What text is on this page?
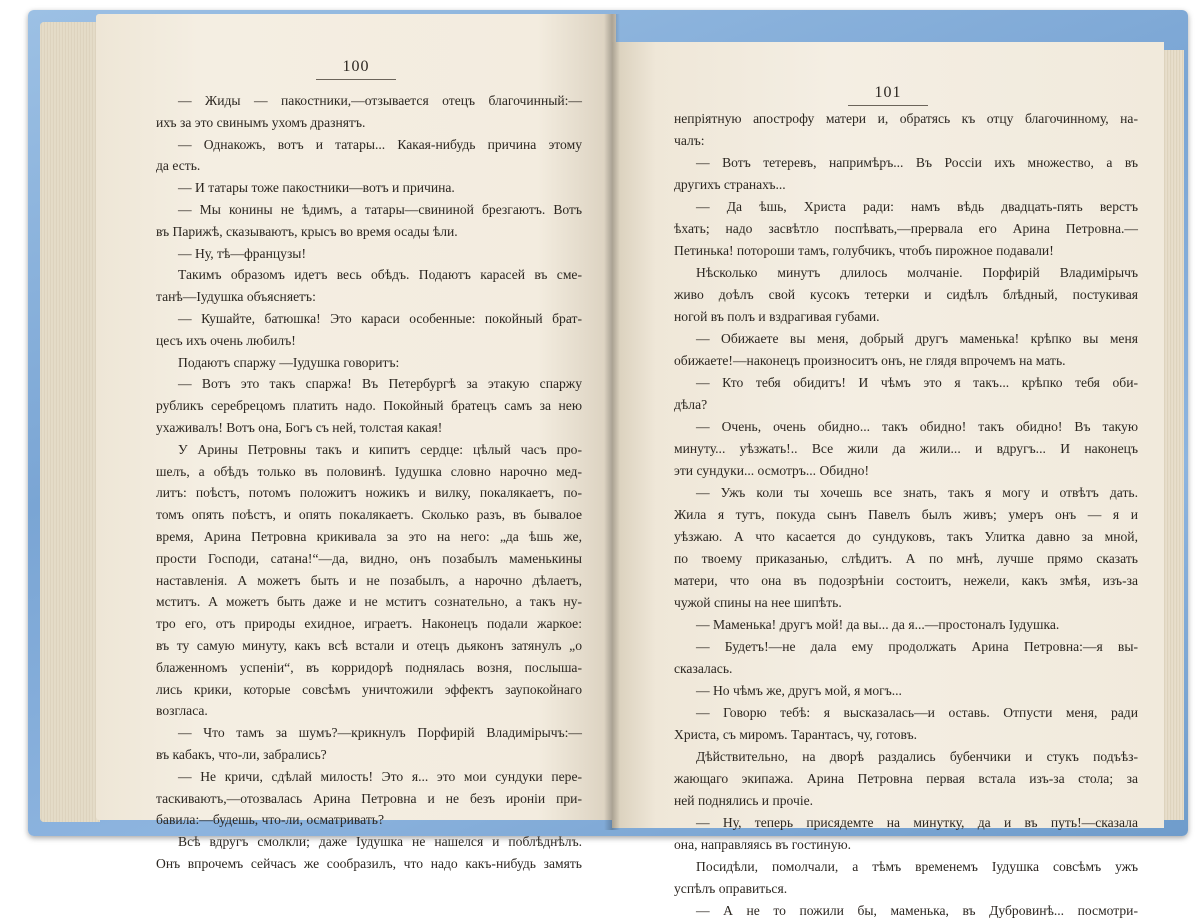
100

— Жиды — пакостники,—отзывается отецъ благочинный:—

ихъ за это свинымъ ухомъ дразнятъ.

— Однакожъ, вотъ и татары... Какая-нибудь причина этому

да есть.

— И татары тоже пакостники—вотъ и причина.

— Мы конины не ѣдимъ, а татары—свининой брезгаютъ. Вотъ

въ Парижѣ, сказываютъ, крысъ во время осады ѣли.

— Ну, тѣ—французы!

Такимъ образомъ идетъ весь обѣдъ. Подаютъ карасей въ сме-

танѣ—Іудушка объясняетъ:

— Кушайте, батюшка! Это караси особенные: покойный брат-

цесъ ихъ очень любилъ!

Подаютъ спаржу —Іудушка говоритъ:

— Вотъ это такъ спаржа! Въ Петербургѣ за этакую спаржу

рубликъ серебрецомъ платить надо. Покойный братецъ самъ за нею

ухаживалъ! Вотъ она, Богъ съ ней, толстая какая!

У Арины Петровны такъ и кипитъ сердце: цѣлый часъ про-

шелъ, а обѣдъ только въ половинѣ. Іудушка словно нарочно мед-

литъ: поѣстъ, потомъ положитъ ножикъ и вилку, покалякаетъ, по-

томъ опять поѣстъ, и опять покалякаетъ. Сколько разъ, въ бывалое

время, Арина Петровна крикивала за это на него: „да ѣшь же,

прости Господи, сатана!“—да, видно, онъ позабылъ маменькины

наставленія. А можетъ быть и не позабылъ, а нарочно дѣлаетъ,

мститъ. А можетъ быть даже и не мститъ сознательно, а такъ ну-

тро его, отъ природы ехидное, играетъ. Наконецъ подали жаркое:

въ ту самую минуту, какъ всѣ встали и отецъ дьяконъ затянулъ „о

блаженномъ успеніи“, въ корридорѣ поднялась возня, послыша-

лись крики, которые совсѣмъ уничтожили эффектъ заупокойнаго

возгласа.

— Что тамъ за шумъ?—крикнулъ Порфирій Владимірычъ:—

въ кабакъ, что-ли, забрались?

— Не кричи, сдѣлай милость! Это я... это мои сундуки пере-

таскиваютъ,—отозвалась Арина Петровна и не безъ ироніи при-

бавила:—будешь, что-ли, осматривать?

Всѣ вдругъ смолкли; даже Іудушка не нашелся и поблѣднѣлъ.

Онъ впрочемъ сейчасъ же сообразилъ, что надо какъ-нибудь замять

101

непріятную апострофу матери и, обратясь къ отцу благочинному, на-

чалъ:

— Вотъ тетеревъ, напримѣръ... Въ Россіи ихъ множество, а въ

другихъ странахъ...

— Да ѣшь, Христа ради: намъ вѣдь двадцать-пять верстъ

ѣхать; надо засвѣтло поспѣвать,—прервала его Арина Петровна.—

Петинька! потороши тамъ, голубчикъ, чтобъ пирожное подавали!

Нѣсколько минутъ длилось молчаніе. Порфирій Владимірычъ

живо доѣлъ свой кусокъ тетерки и сидѣлъ блѣдный, постукивая

ногой въ полъ и вздрагивая губами.

— Обижаете вы меня, добрый другъ маменька! крѣпко вы меня

обижаете!—наконецъ произноситъ онъ, не глядя впрочемъ на мать.

— Кто тебя обидитъ! И чѣмъ это я такъ... крѣпко тебя оби-

дѣла?

— Очень, очень обидно... такъ обидно! такъ обидно! Въ такую

минуту... уѣзжать!.. Все жили да жили... и вдругъ... И наконецъ

эти сундуки... осмотръ... Обидно!

— Ужъ коли ты хочешь все знать, такъ я могу и отвѣтъ дать.

Жила я тутъ, покуда сынъ Павелъ былъ живъ; умеръ онъ — я и

уѣзжаю. А что касается до сундуковъ, такъ Улитка давно за мной,

по твоему приказанью, слѣдитъ. А по мнѣ, лучше прямо сказать

матери, что она въ подозрѣніи состоитъ, нежели, какъ змѣя, изъ-за

чужой спины на нее шипѣть.

— Маменька! другъ мой! да вы... да я...—простоналъ Іудушка.

— Будетъ!—не дала ему продолжать Арина Петровна:—я вы-

сказалась.

— Но чѣмъ же, другъ мой, я могъ...

— Говорю тебѣ: я высказалась—и оставь. Отпусти меня, ради

Христа, съ миромъ. Тарантасъ, чу, готовъ.

Дѣйствительно, на дворѣ раздались бубенчики и стукъ подъѣз-

жающаго экипажа. Арина Петровна первая встала изъ-за стола; за

ней поднялись и прочіе.

— Ну, теперь присядемте на минутку, да и въ путь!—сказала

она, направляясь въ гостиную.

Посидѣли, помолчали, а тѣмъ временемъ Іудушка совсѣмъ ужъ

успѣлъ оправиться.

— А не то пожили бы, маменька, въ Дубровинѣ... посмотри-
